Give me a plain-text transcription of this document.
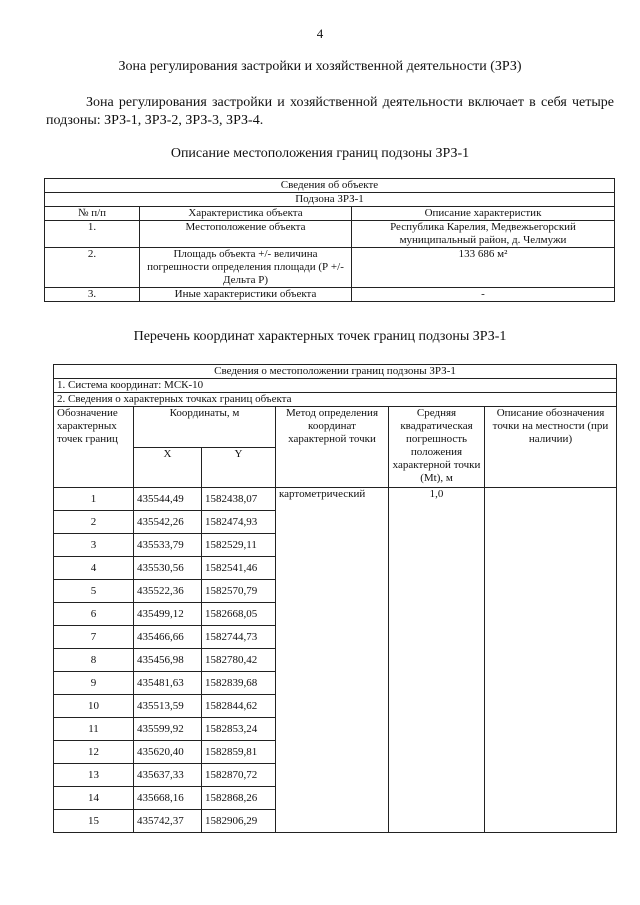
4
Зона регулирования застройки и хозяйственной деятельности (ЗРЗ)
Зона регулирования застройки и хозяйственной деятельности включает в себя четыре подзоны: ЗРЗ-1, ЗРЗ-2, ЗРЗ-3, ЗРЗ-4.
Описание местоположения границ подзоны ЗРЗ-1
Сведения об объекте		
Подзона ЗРЗ-1		
№ п/п	Характеристика объекта	Описание характеристик
1.	Местоположение объекта	Республика Карелия, Медвежьегорский муниципальный район, д. Челмужи
2.	Площадь объекта +/- величина погрешности определения площади (Р +/- Дельта Р)	133 686 м²
3.	Иные характеристики объекта	-
Перечень координат характерных точек границ подзоны ЗРЗ-1
Сведения о местоположении границ подзоны ЗРЗ-1					
1. Система координат: МСК-10					
2. Сведения о характерных точках границ объекта					
Обозначение характерных точек границ	Координаты, м		Метод определения координат характерной точки	Средняя квадратическая погрешность положения характерной точки (Mt), м	Описание обозначения точки на местности (при наличии)
	X	Y			
1	435544,49	1582438,07	картометрический	1,0	
2	435542,26	1582474,93			
3	435533,79	1582529,11			
4	435530,56	1582541,46			
5	435522,36	1582570,79			
6	435499,12	1582668,05			
7	435466,66	1582744,73			
8	435456,98	1582780,42			
9	435481,63	1582839,68			
10	435513,59	1582844,62			
11	435599,92	1582853,24			
12	435620,40	1582859,81			
13	435637,33	1582870,72			
14	435668,16	1582868,26			
15	435742,37	1582906,29			
